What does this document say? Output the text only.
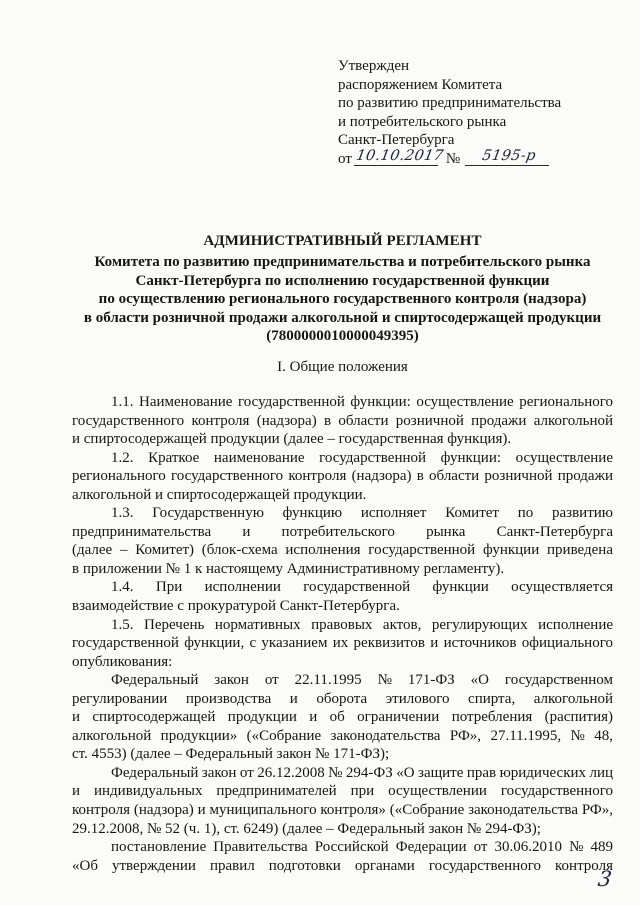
Утвержден
распоряжением Комитета
по развитию предпринимательства
и потребительского рынка
Санкт-Петербурга
от 10.10.2017 № 5195-р
АДМИНИСТРАТИВНЫЙ РЕГЛАМЕНТ
Комитета по развитию предпринимательства и потребительского рынка
Санкт-Петербурга по исполнению государственной функции
по осуществлению регионального государственного контроля (надзора)
в области розничной продажи алкогольной и спиртосодержащей продукции
(7800000010000049395)
I. Общие положения
1.1. Наименование государственной функции: осуществление регионального
государственного контроля (надзора) в области розничной продажи алкогольной
и спиртосодержащей продукции (далее – государственная функция).
1.2. Краткое наименование государственной функции: осуществление
регионального государственного контроля (надзора) в области розничной продажи
алкогольной и спиртосодержащей продукции.
1.3. Государственную функцию исполняет Комитет по развитию
предпринимательства и потребительского рынка Санкт-Петербурга
(далее – Комитет) (блок-схема исполнения государственной функции приведена
в приложении № 1 к настоящему Административному регламенту).
1.4. При исполнении государственной функции осуществляется
взаимодействие с прокуратурой Санкт-Петербурга.
1.5. Перечень нормативных правовых актов, регулирующих исполнение
государственной функции, с указанием их реквизитов и источников официального
опубликования:
Федеральный закон от 22.11.1995 № 171-ФЗ «О государственном
регулировании производства и оборота этилового спирта, алкогольной
и спиртосодержащей продукции и об ограничении потребления (распития)
алкогольной продукции» («Собрание законодательства РФ», 27.11.1995, № 48,
ст. 4553) (далее – Федеральный закон № 171-ФЗ);
Федеральный закон от 26.12.2008 № 294-ФЗ «О защите прав юридических лиц
и индивидуальных предпринимателей при осуществлении государственного
контроля (надзора) и муниципального контроля» («Собрание законодательства РФ»,
29.12.2008, № 52 (ч. 1), ст. 6249) (далее – Федеральный закон № 294-ФЗ);
постановление Правительства Российской Федерации от 30.06.2010 № 489
«Об утверждении правил подготовки органами государственного контроля
3
